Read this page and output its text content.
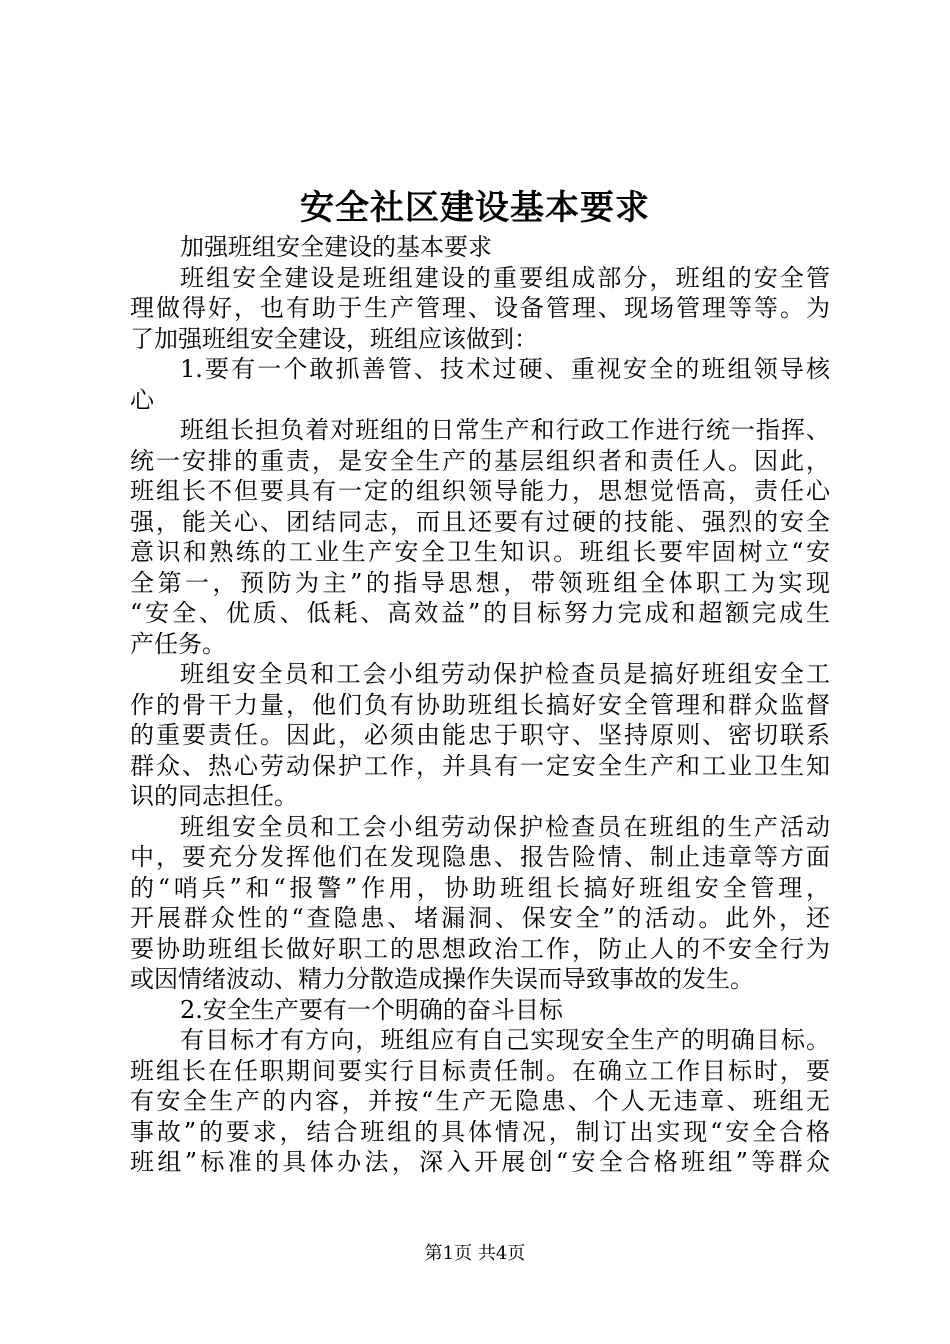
安全社区建设基本要求
加强班组安全建设的基本要求
班组安全建设是班组建设的重要组成部分，班组的安全管
理做得好，也有助于生产管理、设备管理、现场管理等等。为
了加强班组安全建设，班组应该做到：
1.要有一个敢抓善管、技术过硬、重视安全的班组领导核
心
班组长担负着对班组的日常生产和行政工作进行统一指挥、
统一安排的重责，是安全生产的基层组织者和责任人。因此，
班组长不但要具有一定的组织领导能力，思想觉悟高，责任心
强，能关心、团结同志，而且还要有过硬的技能、强烈的安全
意识和熟练的工业生产安全卫生知识。班组长要牢固树立“安
全第一，预防为主”的指导思想，带领班组全体职工为实现
“安全、优质、低耗、高效益”的目标努力完成和超额完成生
产任务。
班组安全员和工会小组劳动保护检查员是搞好班组安全工
作的骨干力量，他们负有协助班组长搞好安全管理和群众监督
的重要责任。因此，必须由能忠于职守、坚持原则、密切联系
群众、热心劳动保护工作，并具有一定安全生产和工业卫生知
识的同志担任。
班组安全员和工会小组劳动保护检查员在班组的生产活动
中，要充分发挥他们在发现隐患、报告险情、制止违章等方面
的“哨兵”和“报警”作用，协助班组长搞好班组安全管理，
开展群众性的“查隐患、堵漏洞、保安全”的活动。此外，还
要协助班组长做好职工的思想政治工作，防止人的不安全行为
或因情绪波动、精力分散造成操作失误而导致事故的发生。
2.安全生产要有一个明确的奋斗目标
有目标才有方向，班组应有自己实现安全生产的明确目标。
班组长在任职期间要实行目标责任制。在确立工作目标时，要
有安全生产的内容，并按“生产无隐患、个人无违章、班组无
事故”的要求，结合班组的具体情况，制订出实现“安全合格
班组”标准的具体办法，深入开展创“安全合格班组”等群众
第1页 共4页
